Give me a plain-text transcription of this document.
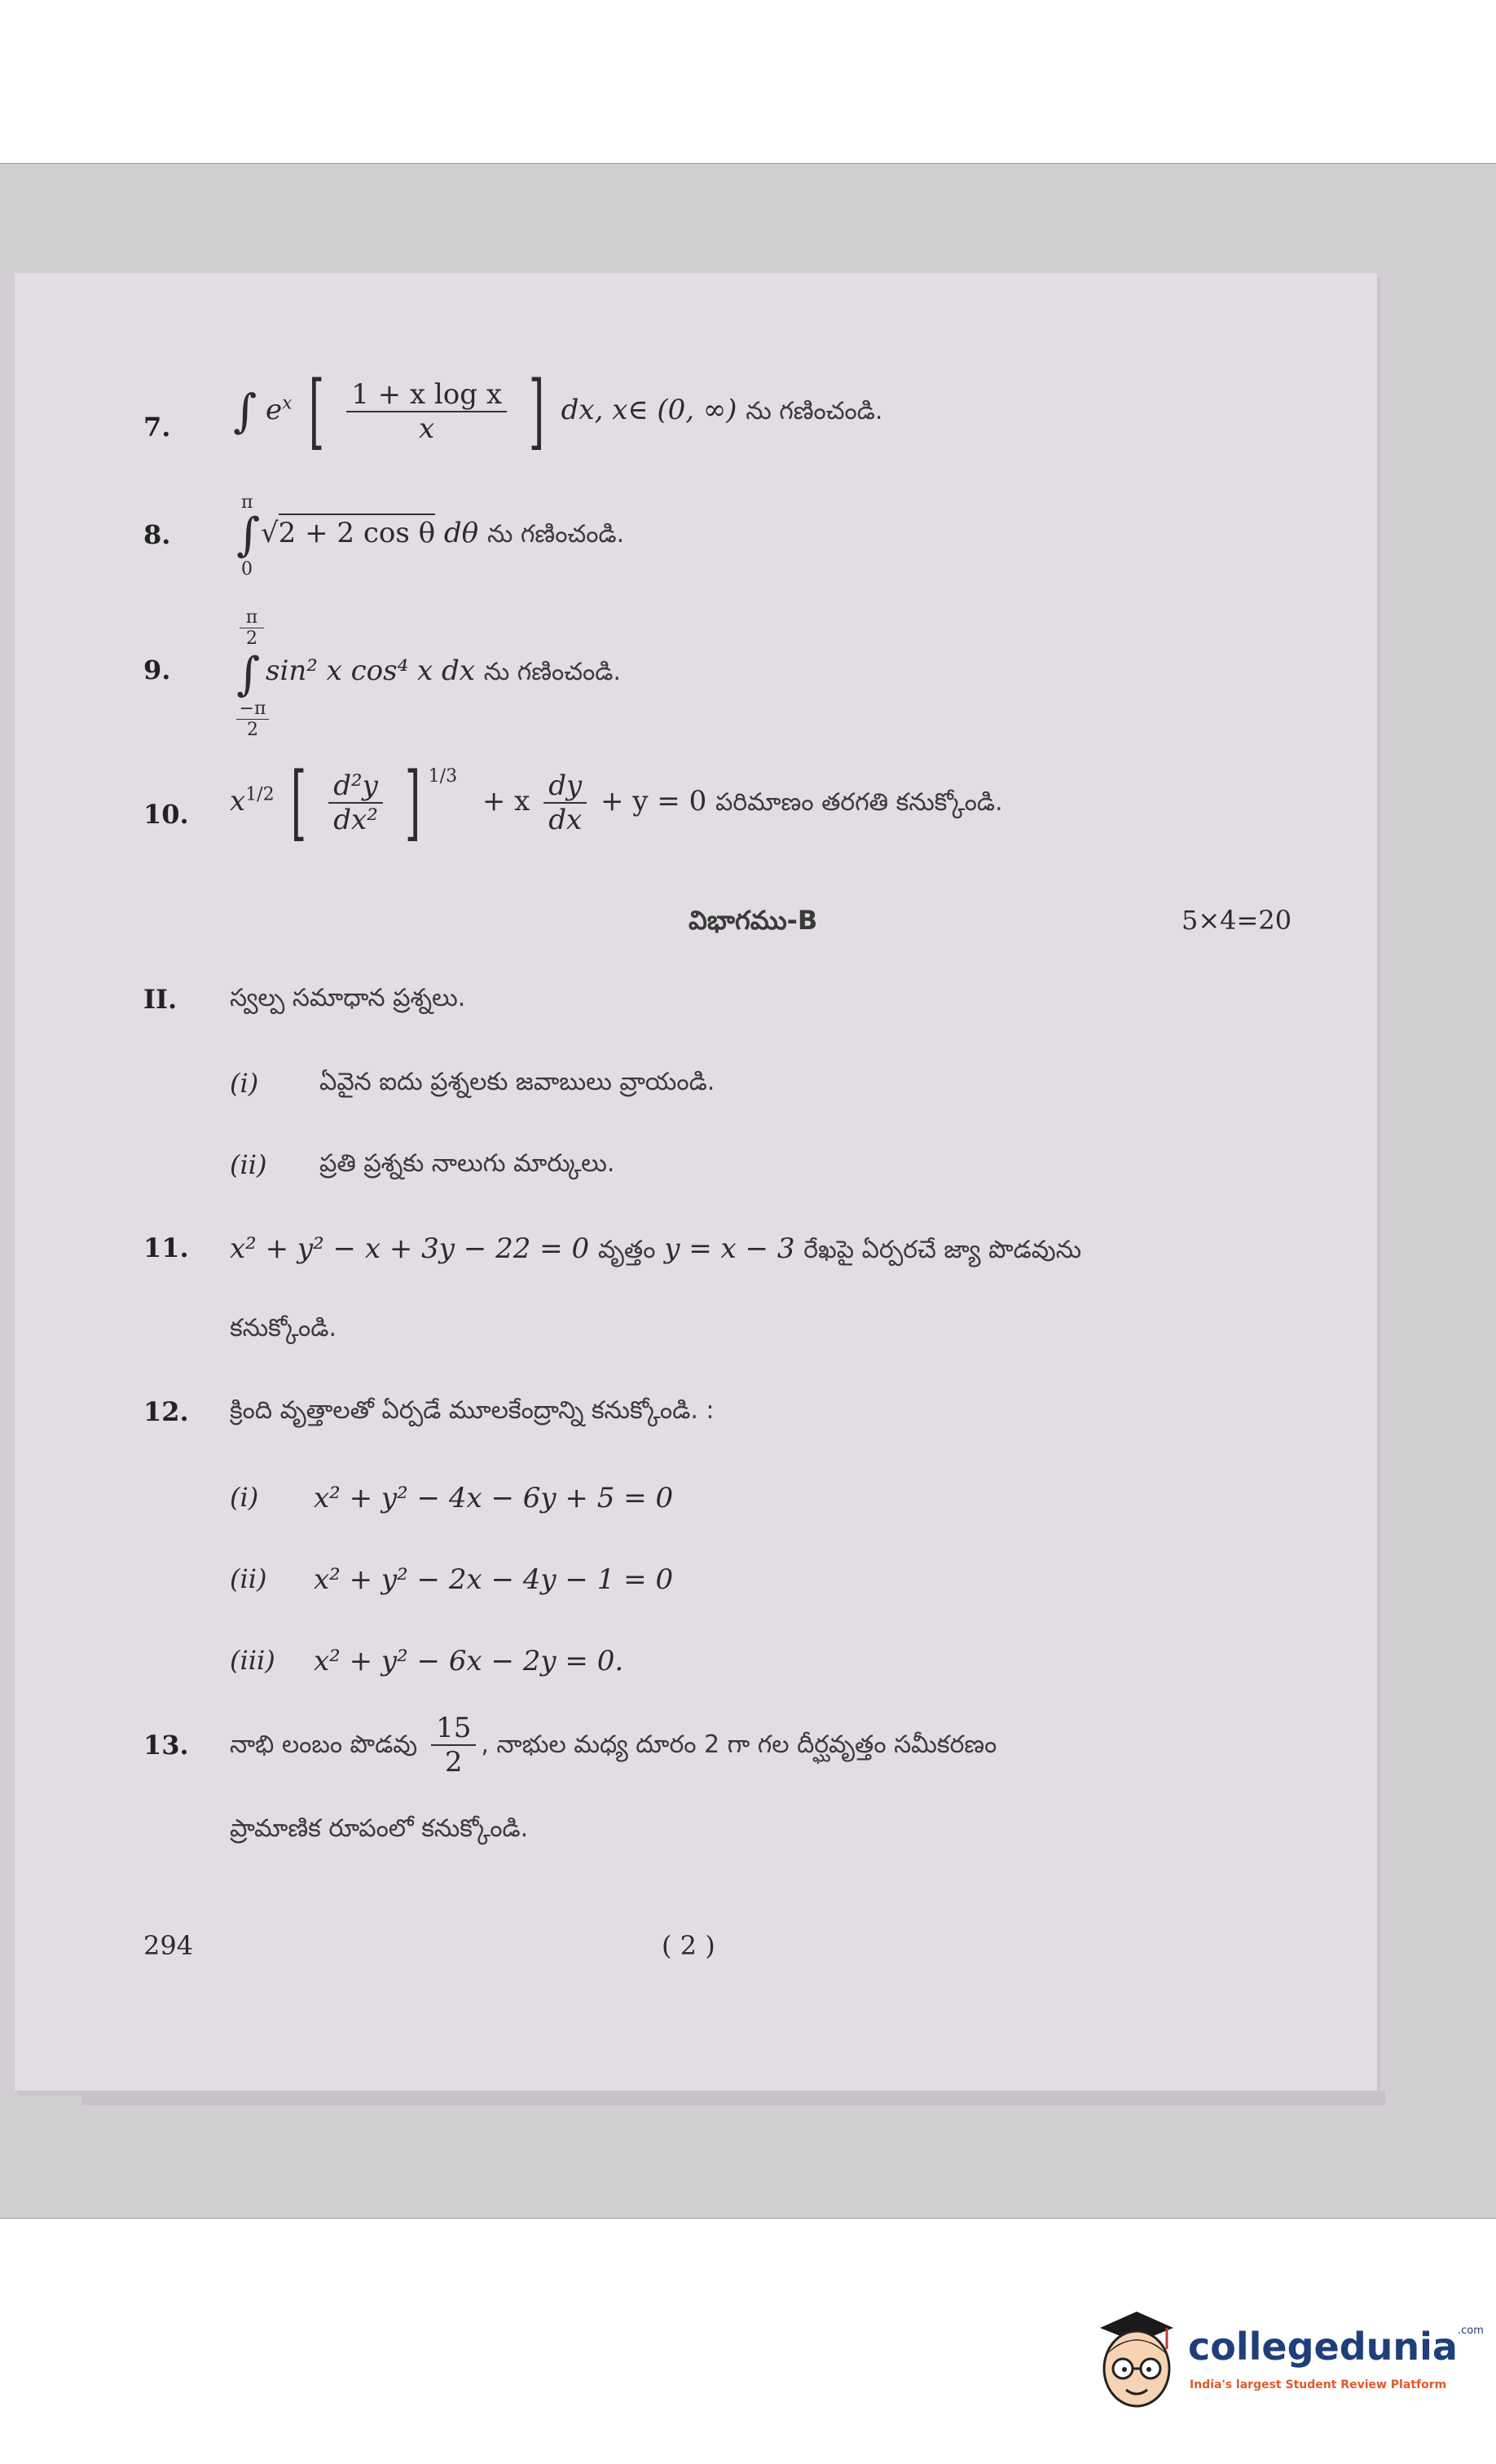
7. ∫ $e^x$ [ $\frac{\text{1 + x log x}}{x}$ ] dx, x∈ (0, ∞) ను గణించండి.
8.
π
∫
0
√2 + 2 cos θ dθ ను గణించండి.
9.
$\frac{\pi}{2}$
∫
$\frac{-\pi}{2}$
sin² x cos⁴ x dx ను గణించండి.
10. $x^{1/2}$ [ $\frac{\text{d²y}}{\text{dx²}}$ ] $^{1/3}$ + x $\frac{dy}{dx} + y = 0$ పరిమాణం తరగతి కనుక్కోండి.
విభాగము-B	5×4=20
II. స్వల్ప సమాధాన ప్రశ్నలు.
(i) ఏవైన ఐదు ప్రశ్నలకు జవాబులు వ్రాయండి.
(ii) ప్రతి ప్రశ్నకు నాలుగు మార్కులు.
11. x² + y² − x + 3y − 22 = 0 వృత్తం y = x − 3 రేఖపై ఏర్పరచే జ్యా పొడవును
కనుక్కోండి.
12. క్రింది వృత్తాలతో ఏర్పడే మూలకేంద్రాన్ని కనుక్కోండి. :
(i) x² + y² − 4x − 6y + 5 = 0
(ii) x² + y² − 2x − 4y − 1 = 0
(iii) x² + y² − 6x − 2y = 0.
13. నాభి లంబం పొడవు $\frac{15}{2}$ , నాభుల మధ్య దూరం 2 గా గల దీర్ఘవృత్తం సమీకరణం
ప్రామాణిక రూపంలో కనుక్కోండి.
294	( 2 )
collegedunia$^{.com}$
India's largest Student Review Platform
